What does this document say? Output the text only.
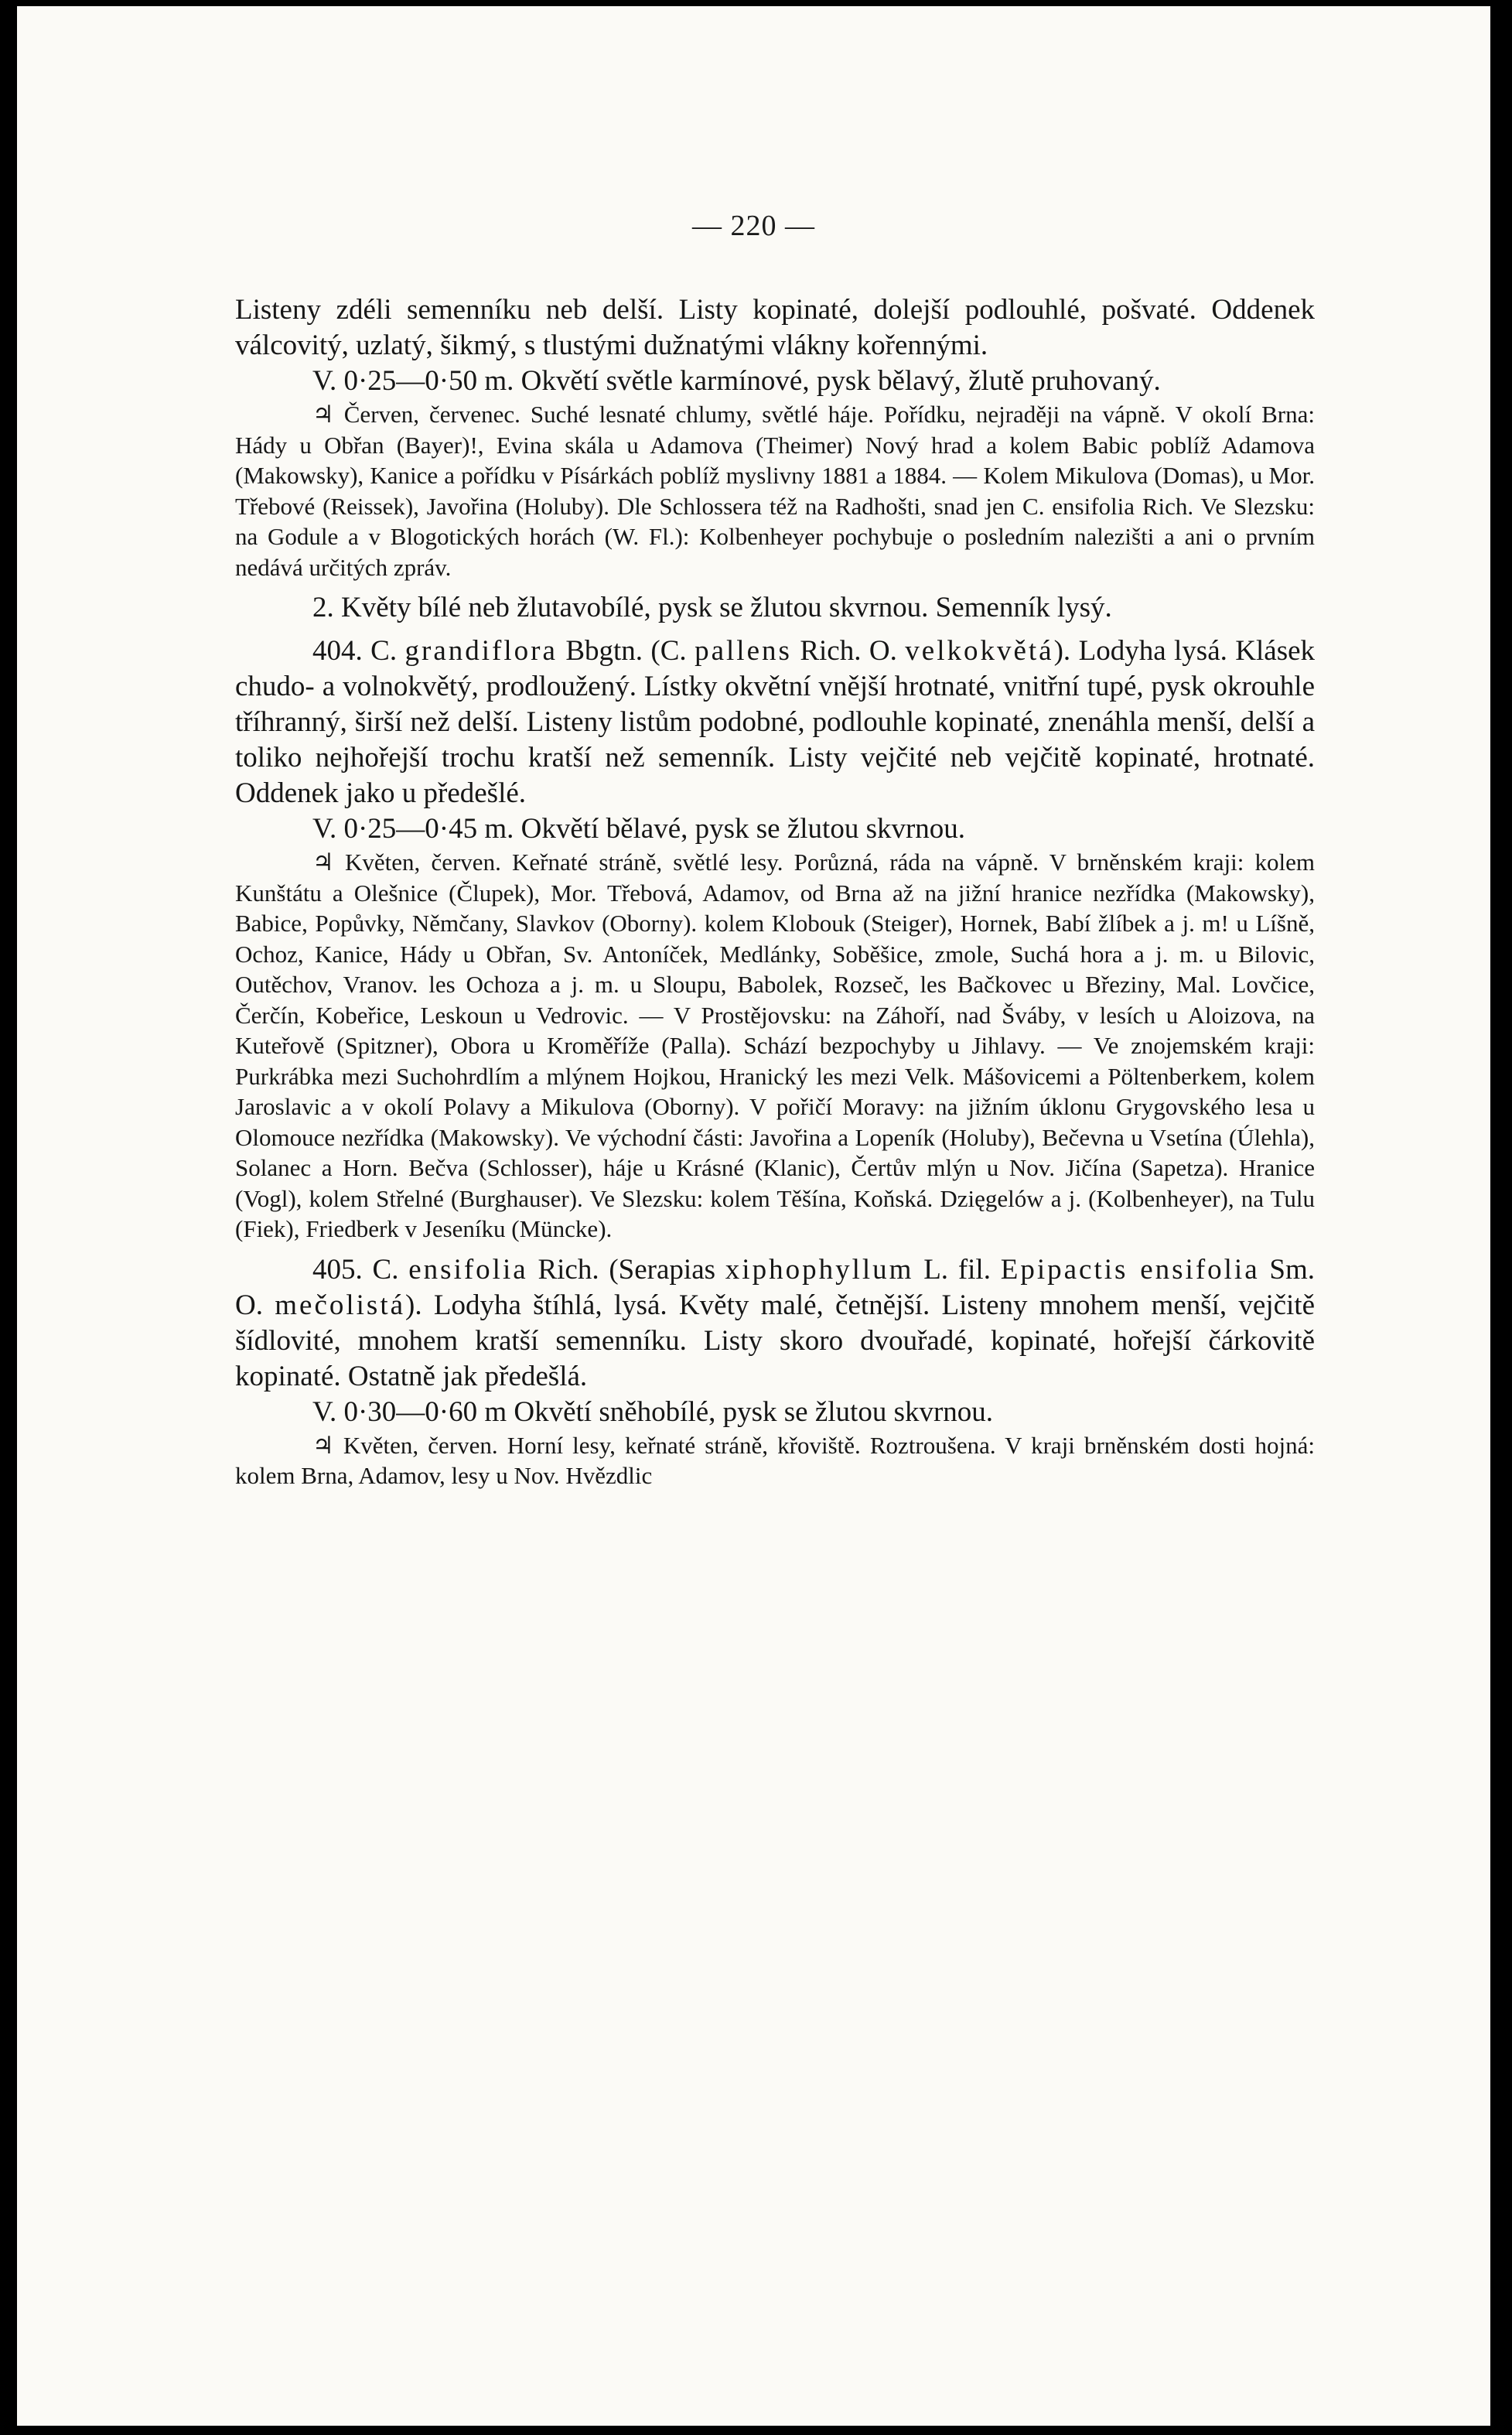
— 220 —

Listeny zdéli semenníku neb delší. Listy kopinaté, dolejší podlouhlé, pošvaté. Oddenek válcovitý, uzlatý, šikmý, s tlustými dužnatými vlákny kořennými.

V. 0·25—0·50 m. Okvětí světle karmínové, pysk bělavý, žlutě pruhovaný.

♃ Červen, červenec. Suché lesnaté chlumy, světlé háje. Pořídku, nejraději na vápně. V okolí Brna: Hády u Obřan (Bayer)!, Evina skála u Adamova (Theimer) Nový hrad a kolem Babic poblíž Adamova (Makowsky), Kanice a pořídku v Písárkách poblíž myslivny 1881 a 1884. — Kolem Mikulova (Domas), u Mor. Třebové (Reissek), Javořina (Holuby). Dle Schlossera též na Radhošti, snad jen C. ensifolia Rich. Ve Slezsku: na Godule a v Blogotických horách (W. Fl.): Kolbenheyer pochybuje o posledním nalezišti a ani o prvním nedává určitých zpráv.

2. Květy bílé neb žlutavobílé, pysk se žlutou skvrnou. Semenník lysý.

404. C. grandiflora Bbgtn. (C. pallens Rich. O. velkokvětá). Lodyha lysá. Klásek chudo- a volnokvětý, prodloužený. Lístky okvětní vnější hrotnaté, vnitřní tupé, pysk okrouhle tříhranný, širší než delší. Listeny listům podobné, podlouhle kopinaté, znenáhla menší, delší a toliko nejhořejší trochu kratší než semenník. Listy vejčité neb vejčitě kopinaté, hrotnaté. Oddenek jako u předešlé.

V. 0·25—0·45 m. Okvětí bělavé, pysk se žlutou skvrnou.

♃ Květen, červen. Keřnaté stráně, světlé lesy. Porůzná, ráda na vápně. V brněnském kraji: kolem Kunštátu a Olešnice (Člupek), Mor. Třebová, Adamov, od Brna až na jižní hranice nezřídka (Makowsky), Babice, Popůvky, Němčany, Slavkov (Oborny). kolem Klobouk (Steiger), Hornek, Babí žlíbek a j. m! u Líšně, Ochoz, Kanice, Hády u Obřan, Sv. Antoníček, Medlánky, Soběšice, zmole, Suchá hora a j. m. u Bilovic, Outěchov, Vranov. les Ochoza a j. m. u Sloupu, Babolek, Rozseč, les Bačkovec u Březiny, Mal. Lovčice, Čerčín, Kobeřice, Leskoun u Vedrovic. — V Prostějovsku: na Záhoří, nad Šváby, v lesích u Aloizova, na Kuteřově (Spitzner), Obora u Kroměříže (Palla). Schází bezpochyby u Jihlavy. — Ve znojemském kraji: Purkrábka mezi Suchohrdlím a mlýnem Hojkou, Hranický les mezi Velk. Mášovicemi a Pöltenberkem, kolem Jaroslavic a v okolí Polavy a Mikulova (Oborny). V pořičí Moravy: na jižním úklonu Grygovského lesa u Olomouce nezřídka (Makowsky). Ve východní části: Javořina a Lopeník (Holuby), Bečevna u Vsetína (Úlehla), Solanec a Horn. Bečva (Schlosser), háje u Krásné (Klanic), Čertův mlýn u Nov. Jičína (Sapetza). Hranice (Vogl), kolem Střelné (Burghauser). Ve Slezsku: kolem Těšína, Koňská. Dzięgelów a j. (Kolbenheyer), na Tulu (Fiek), Friedberk v Jeseníku (Müncke).

405. C. ensifolia Rich. (Serapias xiphophyllum L. fil. Epipactis ensifolia Sm. O. mečolistá). Lodyha štíhlá, lysá. Květy malé, četnější. Listeny mnohem menší, vejčitě šídlovité, mnohem kratší semenníku. Listy skoro dvouřadé, kopinaté, hořejší čárkovitě kopinaté. Ostatně jak předešlá.

V. 0·30—0·60 m Okvětí sněhobílé, pysk se žlutou skvrnou.

♃ Květen, červen. Horní lesy, keřnaté stráně, křoviště. Roztroušena. V kraji brněnském dosti hojná: kolem Brna, Adamov, lesy u Nov. Hvězdlic
